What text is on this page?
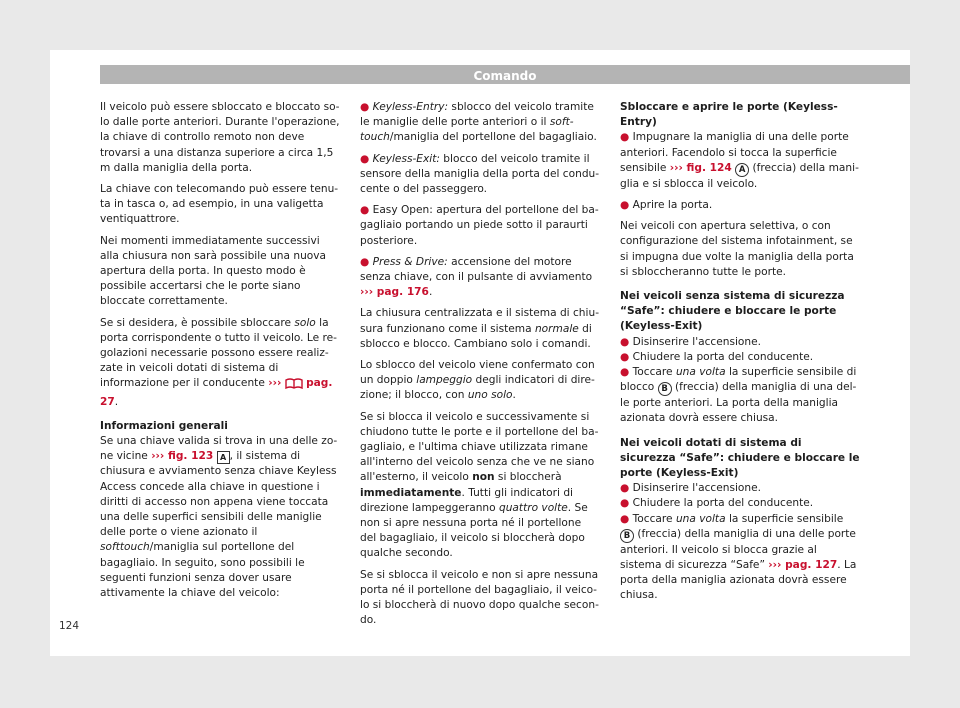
Comando

Il veicolo può essere sbloccato e bloccato solo dalle porte anteriori. Durante l'operazione, la chiave di controllo remoto non deve trovarsi a una distanza superiore a circa 1,5 m dalla maniglia della porta.

La chiave con telecomando può essere tenuta in tasca o, ad esempio, in una valigetta ventiquattrore.

Nei momenti immediatamente successivi alla chiusura non sarà possibile una nuova apertura della porta. In questo modo è possibile accertarsi che le porte siano bloccate correttamente.

Se si desidera, è possibile sbloccare solo la porta corrispondente o tutto il veicolo. Le regolazioni necessarie possono essere realizzate in veicoli dotati di sistema di informazione per il conducente ››› pag. 27.

Informazioni generali

Se una chiave valida si trova in una delle zone vicine ››› fig. 123 A , il sistema di chiusura e avviamento senza chiave Keyless Access concede alla chiave in questione i diritti di accesso non appena viene toccata una delle superfici sensibili delle maniglie delle porte o viene azionato il softtouch/maniglia sul portellone del bagagliaio. In seguito, sono possibili le seguenti funzioni senza dover usare attivamente la chiave del veicolo:

● Keyless-Entry: sblocco del veicolo tramite le maniglie delle porte anteriori o il softtouch/maniglia del portellone del bagagliaio.

● Keyless-Exit: blocco del veicolo tramite il sensore della maniglia della porta del conducente o del passeggero.

● Easy Open: apertura del portellone del bagagliaio portando un piede sotto il paraurti posteriore.

● Press & Drive: accensione del motore senza chiave, con il pulsante di avviamento ››› pag. 176.

La chiusura centralizzata e il sistema di chiusura funzionano come il sistema normale di sblocco e blocco. Cambiano solo i comandi.

Lo sblocco del veicolo viene confermato con un doppio lampeggio degli indicatori di direzione; il blocco, con uno solo.

Se si blocca il veicolo e successivamente si chiudono tutte le porte e il portellone del bagagliaio, e l'ultima chiave utilizzata rimane all'interno del veicolo senza che ve ne siano all'esterno, il veicolo non si bloccherà immediatamente. Tutti gli indicatori di direzione lampeggeranno quattro volte. Se non si apre nessuna porta né il portellone del bagagliaio, il veicolo si bloccherà dopo qualche secondo.

Se si sblocca il veicolo e non si apre nessuna porta né il portellone del bagagliaio, il veicolo si bloccherà di nuovo dopo qualche secondo.

Sbloccare e aprire le porte (Keyless-Entry)

● Impugnare la maniglia di una delle porte anteriori. Facendolo si tocca la superficie sensibile ››› fig. 124 A (freccia) della maniglia e si sblocca il veicolo.

● Aprire la porta.

Nei veicoli con apertura selettiva, o con configurazione del sistema infotainment, se si impugna due volte la maniglia della porta si sbloccheranno tutte le porte.

Nei veicoli senza sistema di sicurezza “Safe”: chiudere e bloccare le porte (Keyless-Exit)

● Disinserire l'accensione.

● Chiudere la porta del conducente.

● Toccare una volta la superficie sensibile di blocco B (freccia) della maniglia di una delle porte anteriori. La porta della maniglia azionata dovrà essere chiusa.

Nei veicoli dotati di sistema di sicurezza “Safe”: chiudere e bloccare le porte (Keyless-Exit)

● Disinserire l'accensione.

● Chiudere la porta del conducente.

● Toccare una volta la superficie sensibile B (freccia) della maniglia di una delle porte anteriori. Il veicolo si blocca grazie al sistema di sicurezza “Safe” ››› pag. 127. La porta della maniglia azionata dovrà essere chiusa.

124
